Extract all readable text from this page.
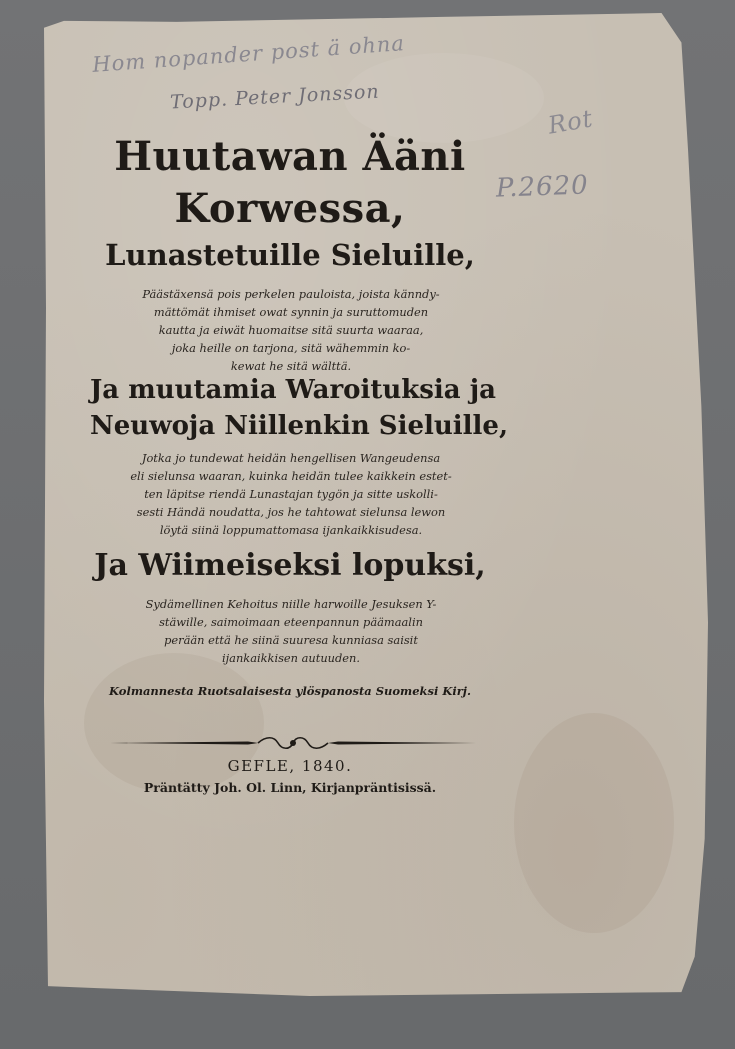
Hom nopander post ä ohna
Topp. Peter Jonsson
Rot
P.2620
Huutawan Ääni
Korwessa,
Lunastetuille Sieluille,
Päästäxensä pois perkelen pauloista, joista känndy-
mättömät ihmiset owat synnin ja suruttomuden
kautta ja eiwät huomaitse sitä suurta waaraa,
joka heille on tarjona, sitä wähemmin ko-
kewat he sitä wälttä.
Ja muutamia Waroituksia ja
Neuwoja Niillenkin Sieluille,
Jotka jo tundewat heidän hengellisen Wangeudensa
eli sielunsa waaran, kuinka heidän tulee kaikkein estet-
ten läpitse riendä Lunastajan tygön ja sitte uskolli-
sesti Händä noudatta, jos he tahtowat sielunsa lewon
löytä siinä loppumattomasa ijankaikkisudesa.
Ja Wiimeiseksi lopuksi,
Sydämellinen Kehoitus niille harwoille Jesuksen Y-
stäwille, saimoimaan eteenpannun päämaalin
perään että he siinä suuresa kunniasa saisit
ijankaikkisen autuuden.
Kolmannesta Ruotsalaisesta ylöspanosta Suomeksi Kirj.
GEFLE, 1840.
Präntätty Joh. Ol. Linn, Kirjanpräntisissä.
